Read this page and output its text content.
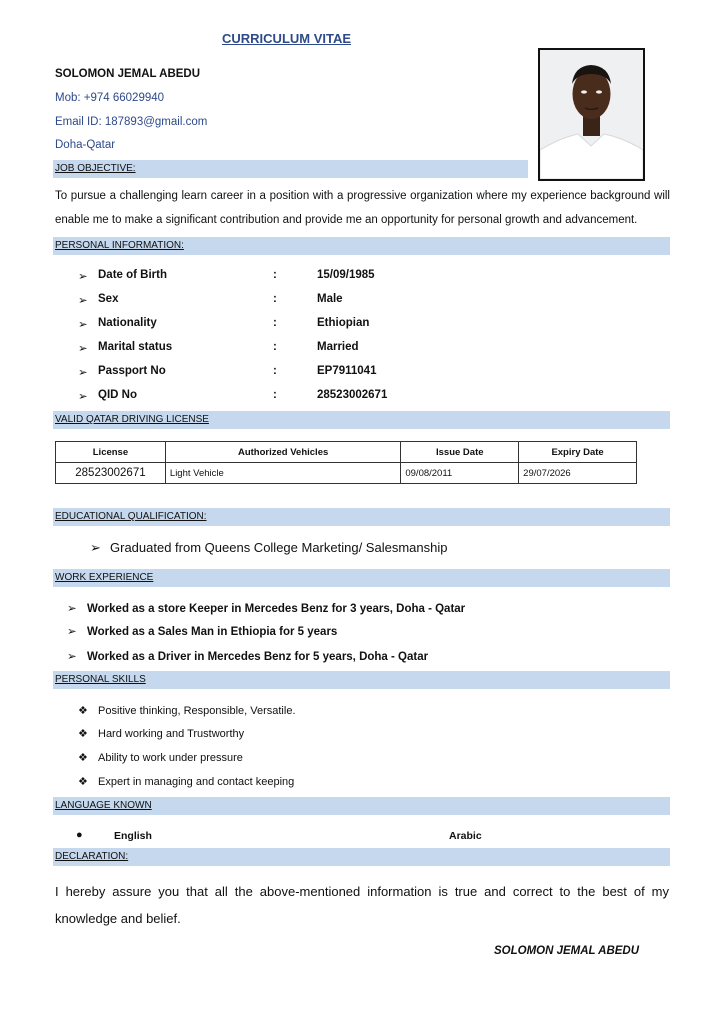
CURRICULUM VITAE
SOLOMON JEMAL ABEDU
Mob: +974 66029940
Email ID: 187893@gmail.com
Doha-Qatar
JOB OBJECTIVE:
To pursue a challenging learn career in a position with a progressive organization where my experience background will enable me to make a significant contribution and provide me an opportunity for personal growth and advancement.
PERSONAL INFORMATION:
➢ Date of Birth	:	15/09/1985
➢ Sex	:	Male
➢ Nationality	:	Ethiopian
➢ Marital status	:	Married
➢ Passport No	:	EP7911041
➢ QID No	:	28523002671
VALID QATAR DRIVING LICENSE
License	Authorized Vehicles	Issue Date	Expiry Date
28523002671	Light Vehicle	09/08/2011	29/07/2026
EDUCATIONAL QUALIFICATION:
➢ Graduated from Queens College Marketing/ Salesmanship
WORK EXPERIENCE
➢ Worked as a store Keeper in Mercedes Benz for 3 years, Doha - Qatar
➢ Worked as a Sales Man in Ethiopia for 5 years
➢ Worked as a Driver in Mercedes Benz for 5 years, Doha - Qatar
PERSONAL SKILLS
❖ Positive thinking, Responsible, Versatile.
❖ Hard working and Trustworthy
❖ Ability to work under pressure
❖ Expert in managing and contact keeping
LANGUAGE KNOWN
●	English	Arabic
DECLARATION:
I hereby assure you that all the above-mentioned information is true and correct to the best of my knowledge and belief.
SOLOMON JEMAL ABEDU
